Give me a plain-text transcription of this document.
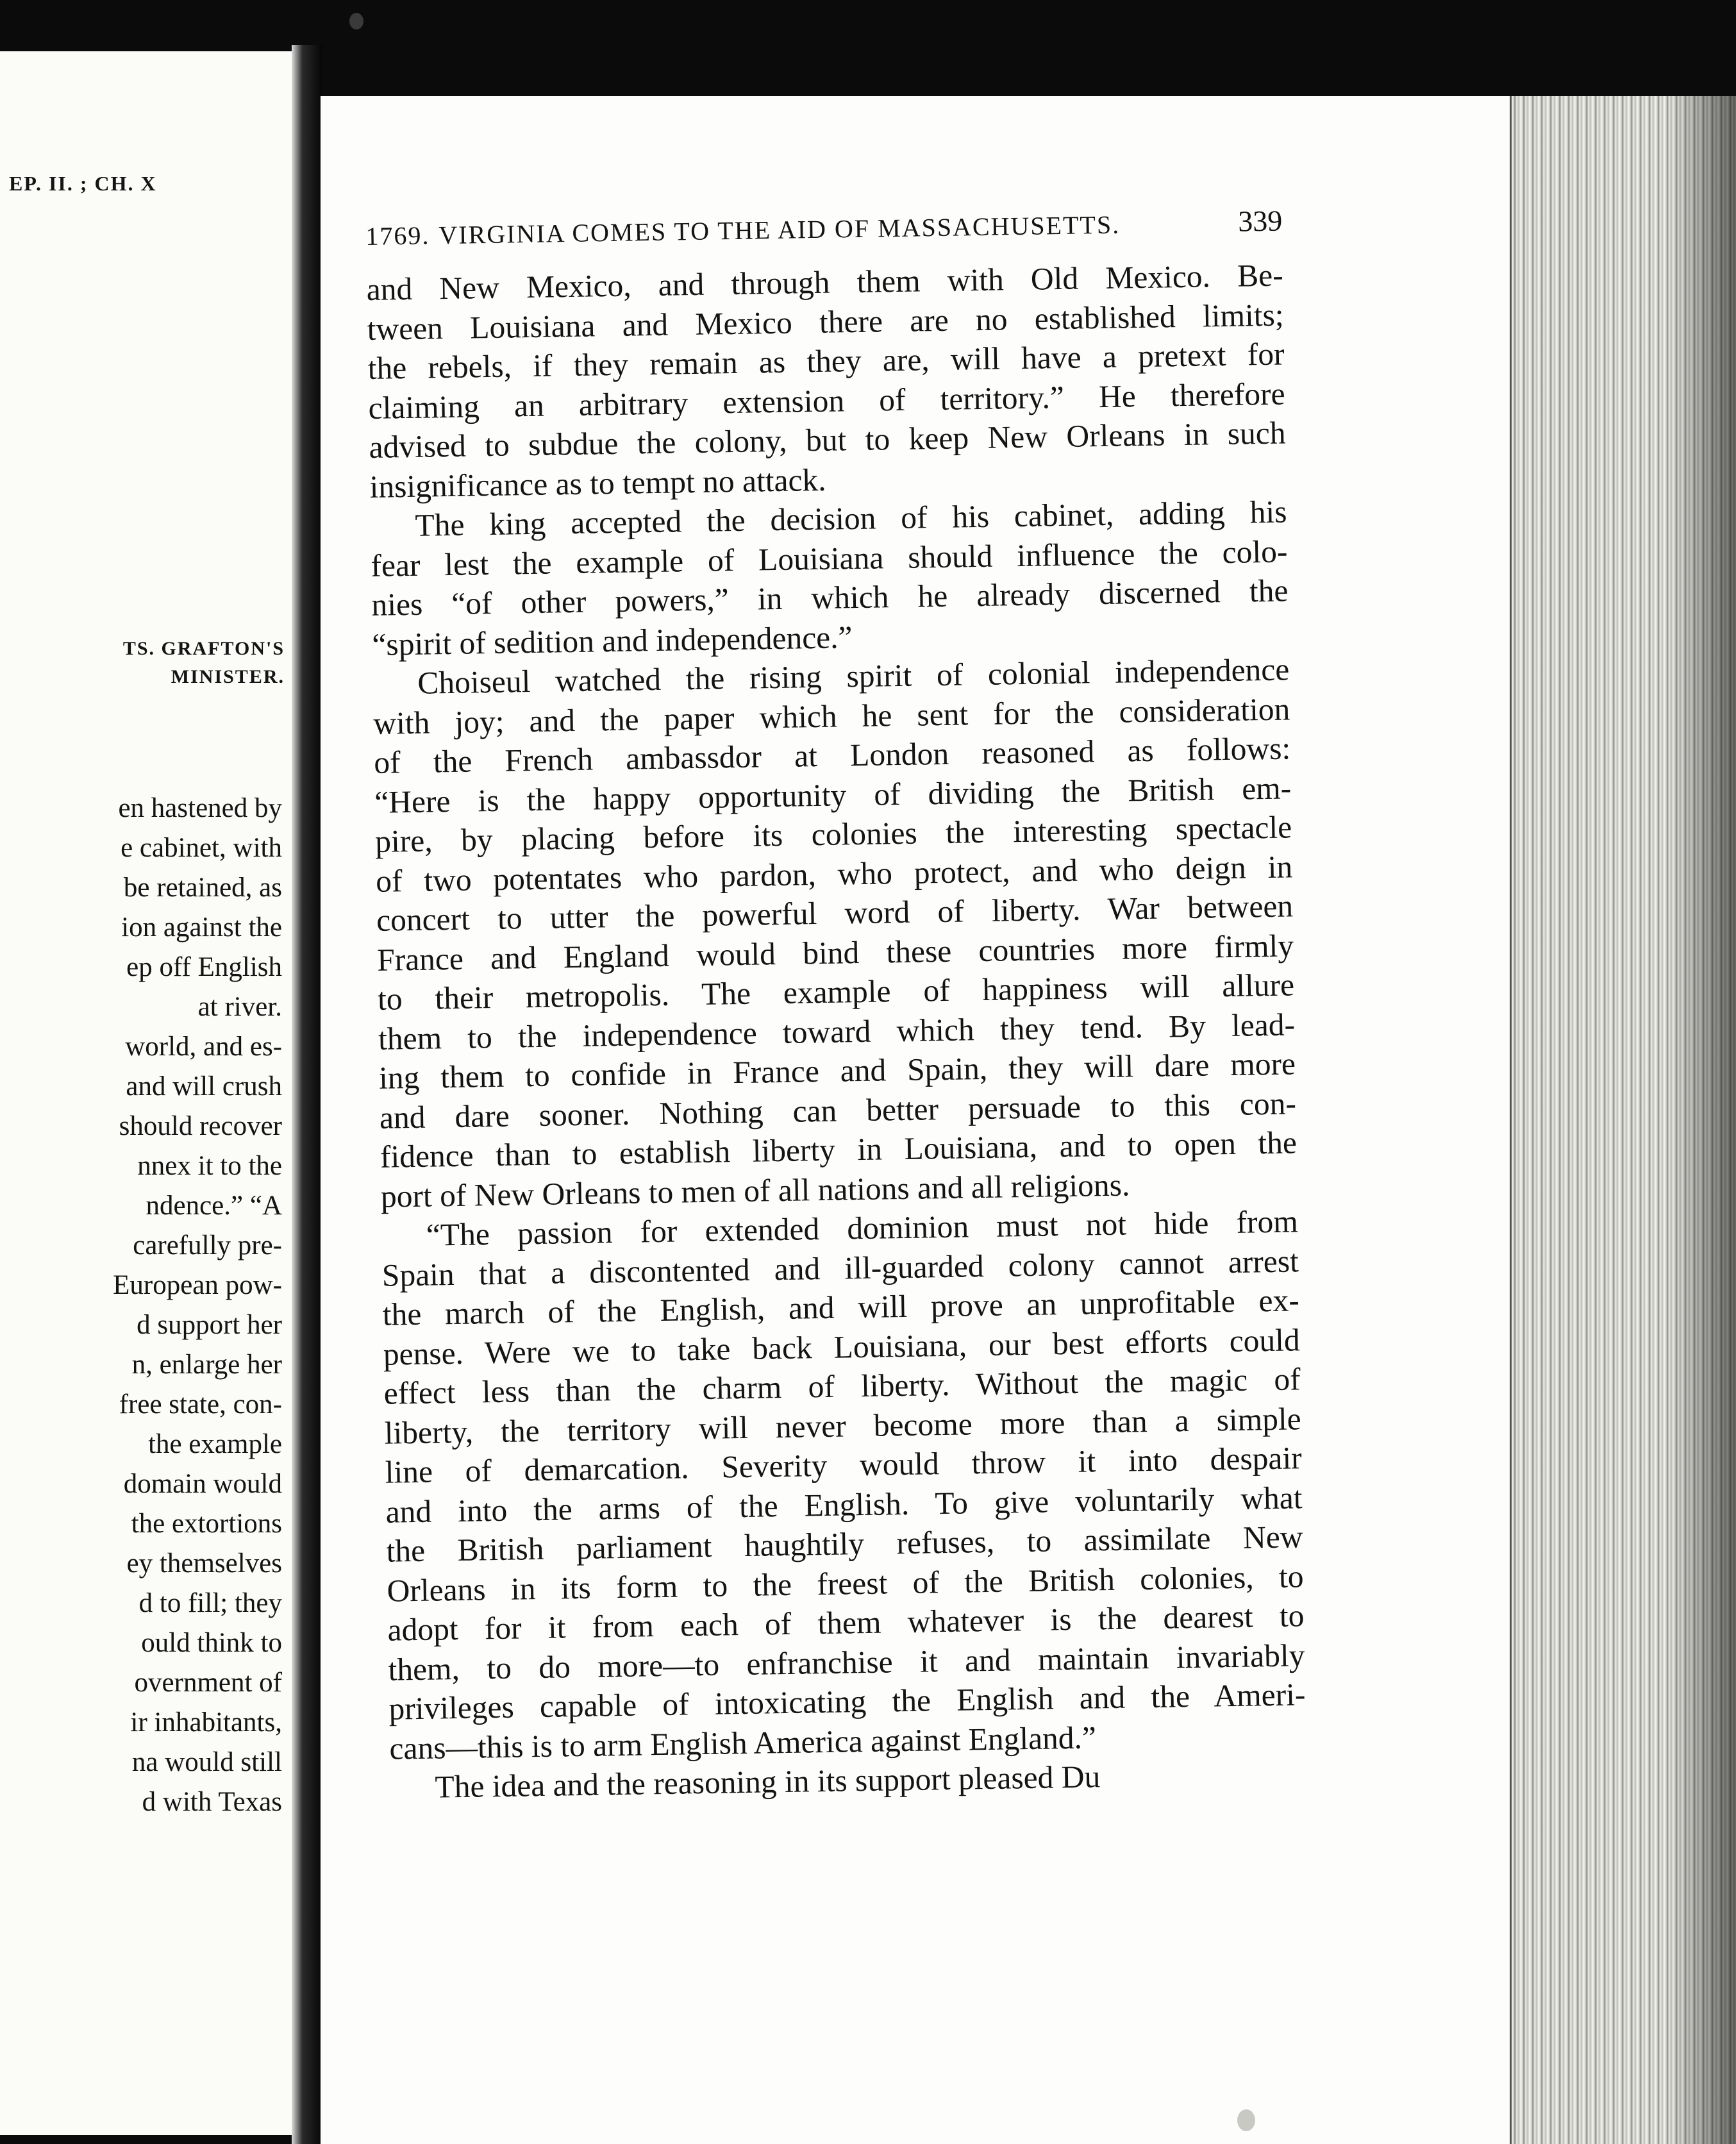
EP. II. ; CH. X
TS. GRAFTON'S
MINISTER.
en hastened by
e cabinet, with
be retained, as
ion against the
ep off English
at river.
world, and es-
and will crush
should recover
nnex it to the
ndence.” “A
carefully pre-
European pow-
d support her
n, enlarge her
free state, con-
the example
domain would
the extortions
ey themselves
d to fill; they
ould think to
overnment of
ir inhabitants,
na would still
d with Texas
1769. VIRGINIA COMES TO THE AID OF MASSACHUSETTS.	339
and New Mexico, and through them with Old Mexico. Be-
tween Louisiana and Mexico there are no established limits;
the rebels, if they remain as they are, will have a pretext for
claiming an arbitrary extension of territory.” He therefore
advised to subdue the colony, but to keep New Orleans in such
insignificance as to tempt no attack.
The king accepted the decision of his cabinet, adding his
fear lest the example of Louisiana should influence the colo-
nies “of other powers,” in which he already discerned the
“spirit of sedition and independence.”
Choiseul watched the rising spirit of colonial independence
with joy; and the paper which he sent for the consideration
of the French ambassdor at London reasoned as follows:
“Here is the happy opportunity of dividing the British em-
pire, by placing before its colonies the interesting spectacle
of two potentates who pardon, who protect, and who deign in
concert to utter the powerful word of liberty. War between
France and England would bind these countries more firmly
to their metropolis. The example of happiness will allure
them to the independence toward which they tend. By lead-
ing them to confide in France and Spain, they will dare more
and dare sooner. Nothing can better persuade to this con-
fidence than to establish liberty in Louisiana, and to open the
port of New Orleans to men of all nations and all religions.
“The passion for extended dominion must not hide from
Spain that a discontented and ill-guarded colony cannot arrest
the march of the English, and will prove an unprofitable ex-
pense. Were we to take back Louisiana, our best efforts could
effect less than the charm of liberty. Without the magic of
liberty, the territory will never become more than a simple
line of demarcation. Severity would throw it into despair
and into the arms of the English. To give voluntarily what
the British parliament haughtily refuses, to assimilate New
Orleans in its form to the freest of the British colonies, to
adopt for it from each of them whatever is the dearest to
them, to do more—to enfranchise it and maintain invariably
privileges capable of intoxicating the English and the Ameri-
cans—this is to arm English America against England.”
The idea and the reasoning in its support pleased Du
